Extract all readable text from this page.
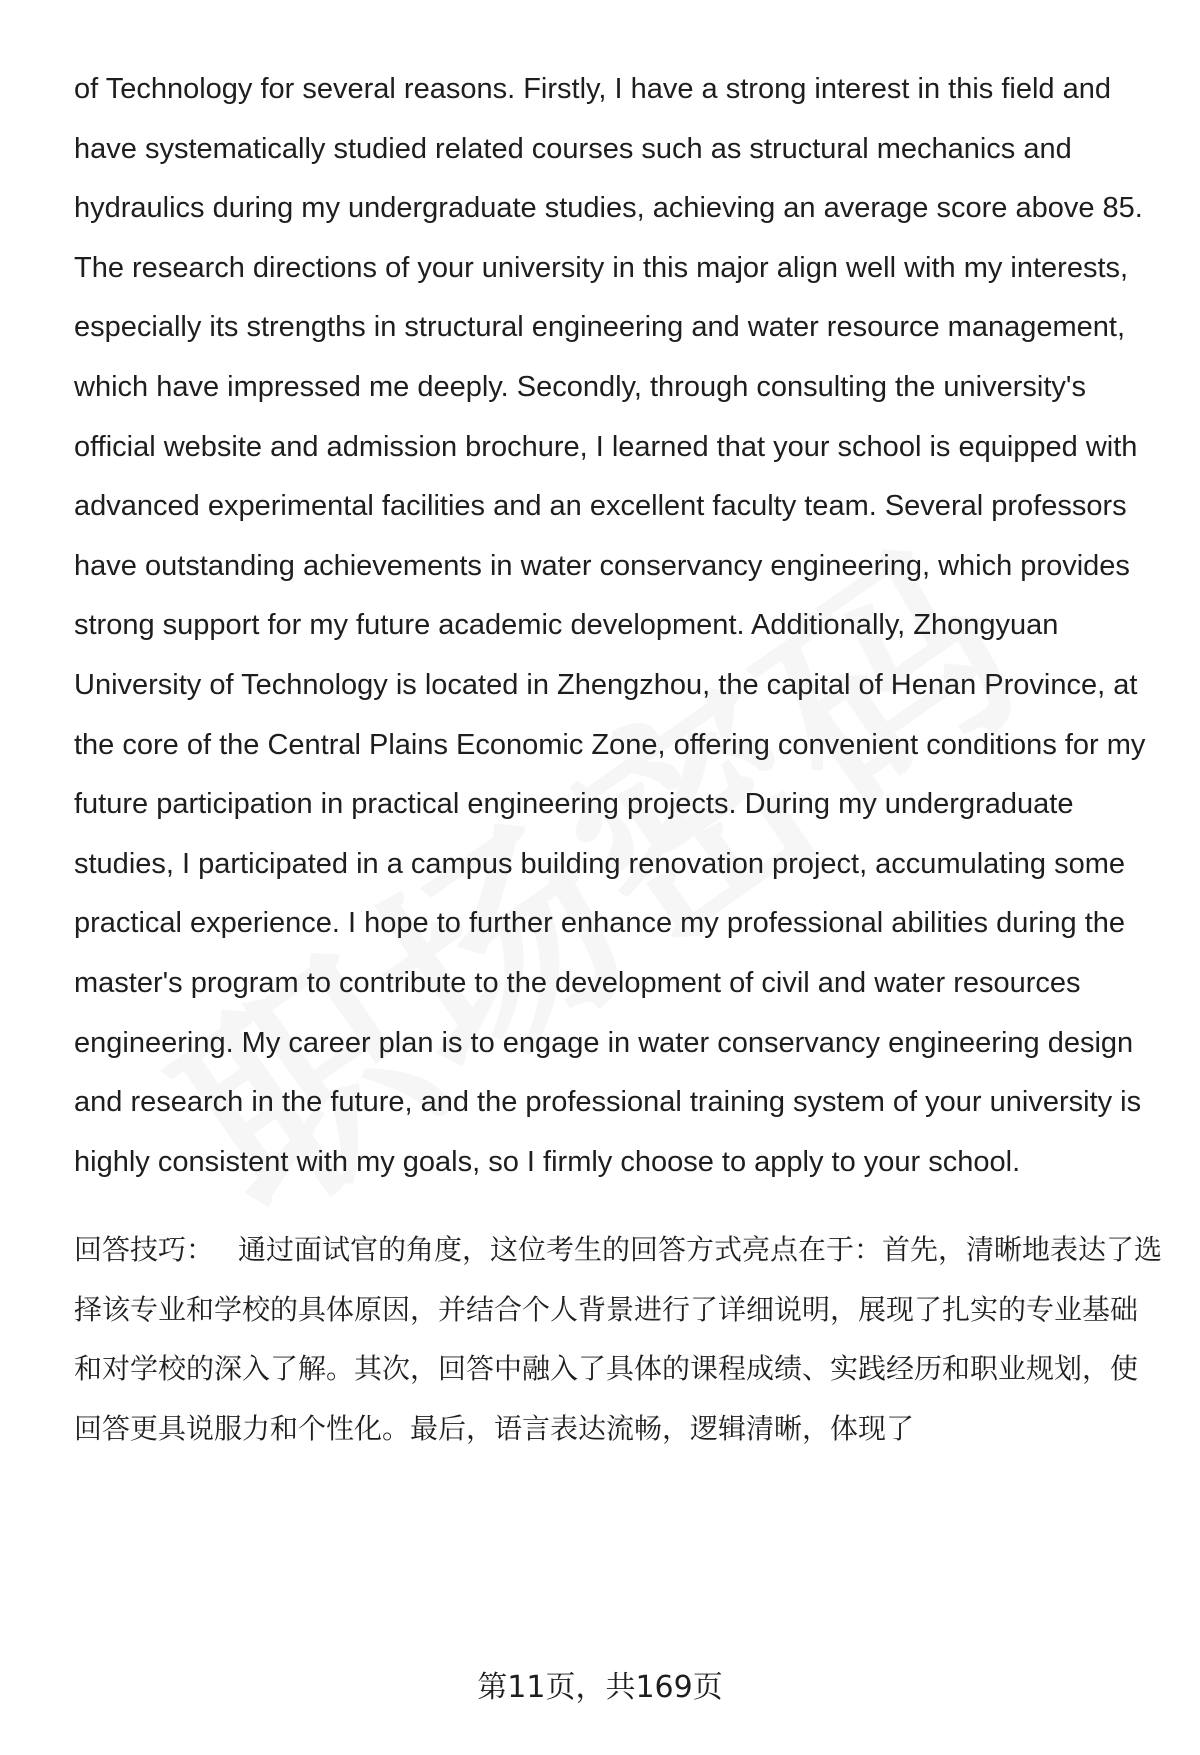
of Technology for several reasons. Firstly, I have a strong interest in this field and have systematically studied related courses such as structural mechanics and hydraulics during my undergraduate studies, achieving an average score above 85. The research directions of your university in this major align well with my interests, especially its strengths in structural engineering and water resource management, which have impressed me deeply. Secondly, through consulting the university's official website and admission brochure, I learned that your school is equipped with advanced experimental facilities and an excellent faculty team. Several professors have outstanding achievements in water conservancy engineering, which provides strong support for my future academic development. Additionally, Zhongyuan University of Technology is located in Zhengzhou, the capital of Henan Province, at the core of the Central Plains Economic Zone, offering convenient conditions for my future participation in practical engineering projects. During my undergraduate studies, I participated in a campus building renovation project, accumulating some practical experience. I hope to further enhance my professional abilities during the master's program to contribute to the development of civil and water resources engineering. My career plan is to engage in water conservancy engineering design and research in the future, and the professional training system of your university is highly consistent with my goals, so I firmly choose to apply to your school.

回答技巧： 通过面试官的角度，这位考生的回答方式亮点在于：首先，清晰地表达了选择该专业和学校的具体原因，并结合个人背景进行了详细说明，展现了扎实的专业基础和对学校的深入了解。其次，回答中融入了具体的课程成绩、实践经历和职业规划，使回答更具说服力和个性化。最后，语言表达流畅，逻辑清晰，体现了

第11页，共169页
